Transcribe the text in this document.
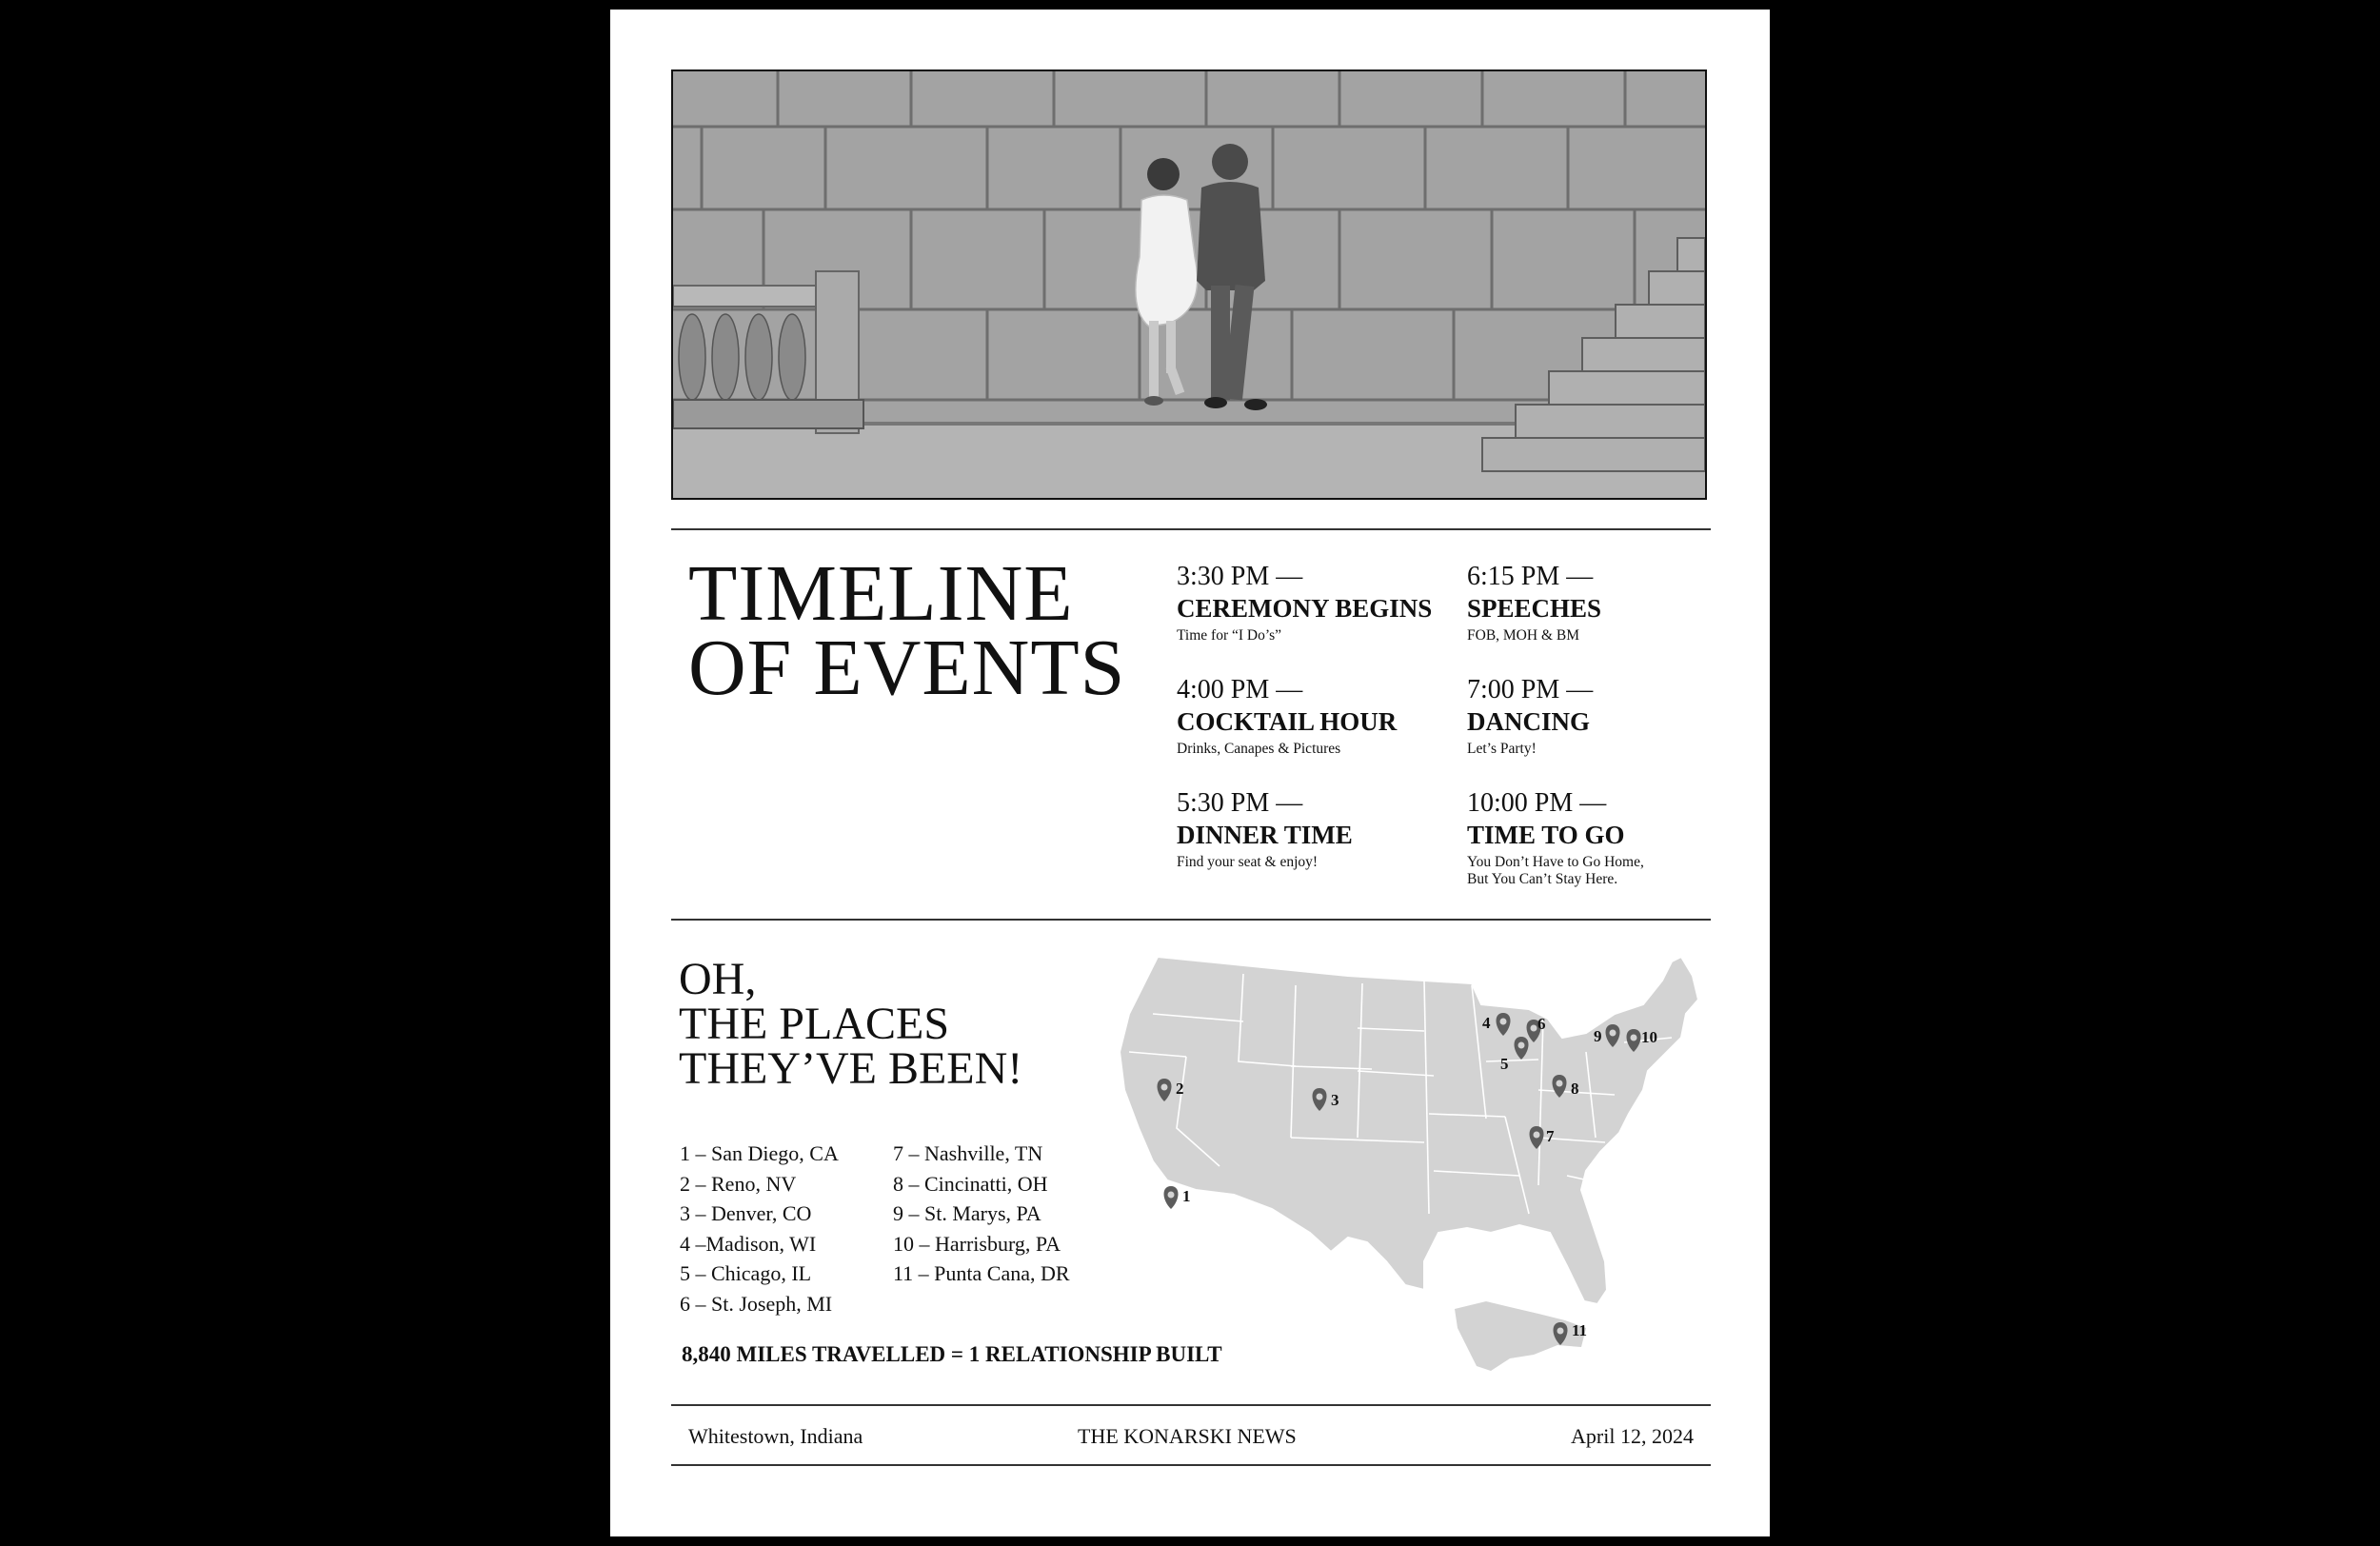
TIMELINE
OF EVENTS
3:30 PM —
CEREMONY BEGINS
Time for “I Do’s”
6:15 PM —
SPEECHES
FOB, MOH & BM
4:00 PM —
COCKTAIL HOUR
Drinks, Canapes & Pictures
7:00 PM —
DANCING
Let’s Party!
5:30 PM —
DINNER TIME
Find your seat & enjoy!
10:00 PM —
TIME TO GO
You Don’t Have to Go Home,
But You Can’t Stay Here.
OH,
THE PLACES
THEY’VE BEEN!
1 – San Diego, CA
2 – Reno, NV
3 – Denver, CO
4 –Madison, WI
5 – Chicago, IL
6 – St. Joseph, MI
7 – Nashville, TN
8 – Cincinatti, OH
9 – St. Marys, PA
10 – Harrisburg, PA
11 – Punta Cana, DR
8,840 MILES TRAVELLED = 1 RELATIONSHIP BUILT
1
2
3
4
5
6
7
8
9 10
11
Whitestown, Indiana	THE KONARSKI NEWS	April 12, 2024
